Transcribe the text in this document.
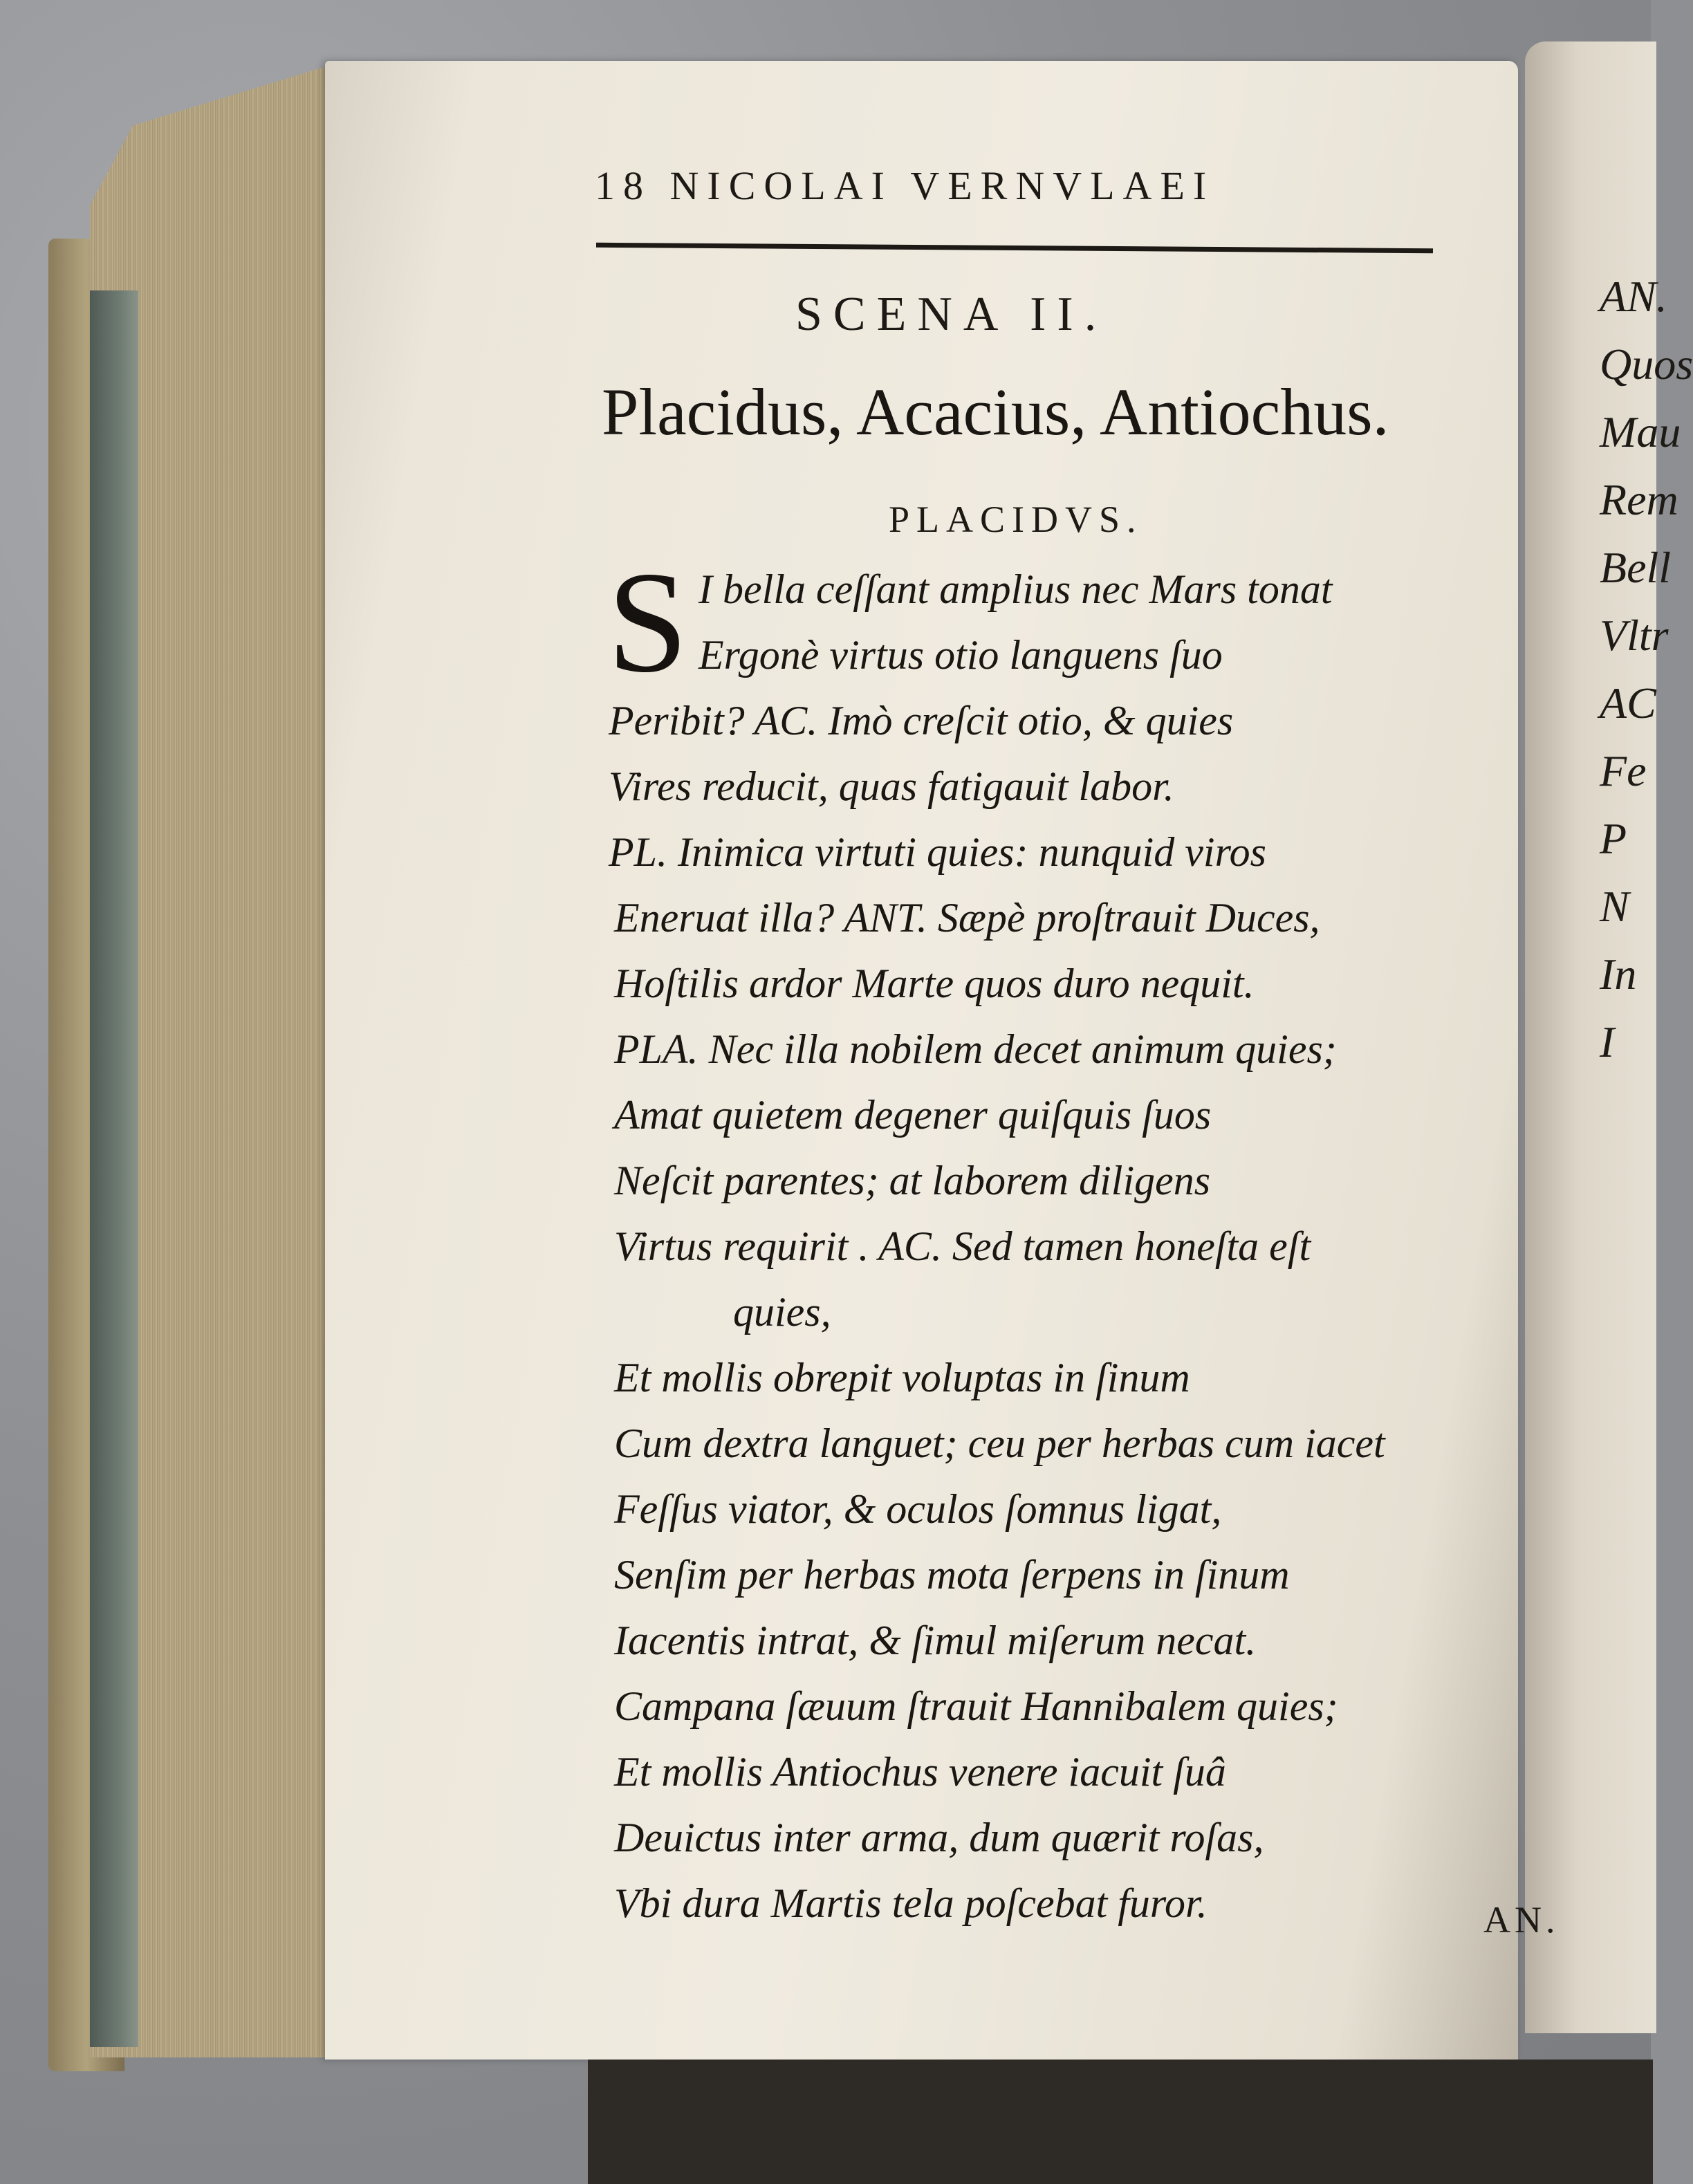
AN.
Quos
Mau
Rem
Bell
Vltr
AC
Fe
P
N
In
I
18 NICOLAI VERNVLAEI
SCENA II.
Placidus, Acacius, Antiochus.
PLACIDVS.
S I bella ceſſant amplius nec Mars tonat
Ergonè virtus otio languens ſuo
Peribit? AC. Imò creſcit otio, & quies
Vires reducit, quas fatigauit labor.
PL. Inimica virtuti quies: nunquid viros
Eneruat illa? ANT. Sæpè proſtrauit Duces,
Hoſtilis ardor Marte quos duro nequit.
PLA. Nec illa nobilem decet animum quies;
Amat quietem degener quiſquis ſuos
Neſcit parentes; at laborem diligens
Virtus requirit . AC. Sed tamen honeſta eſt
quies,
Et mollis obrepit voluptas in ſinum
Cum dextra languet; ceu per herbas cum iacet
Feſſus viator, & oculos ſomnus ligat,
Senſim per herbas mota ſerpens in ſinum
Iacentis intrat, & ſimul miſerum necat.
Campana ſæuum ſtrauit Hannibalem quies;
Et mollis Antiochus venere iacuit ſuâ
Deuictus inter arma, dum quærit roſas,
Vbi dura Martis tela poſcebat furor.	AN.
